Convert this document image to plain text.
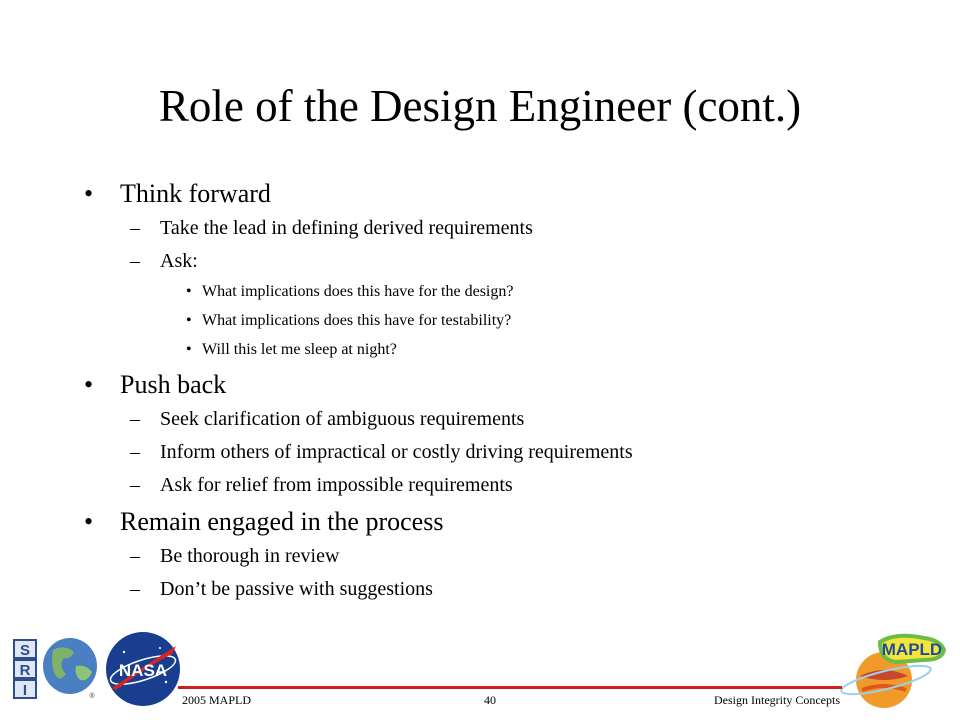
Role of the Design Engineer (cont.)
• Think forward
– Take the lead in defining derived requirements
– Ask:
• What implications does this have for the design?
• What implications does this have for testability?
• Will this let me sleep at night?
• Push back
– Seek clarification of ambiguous requirements
– Inform others of impractical or costly driving requirements
– Ask for relief from impossible requirements
• Remain engaged in the process
– Be thorough in review
– Don’t be passive with suggestions
S
R
I	®
NASA
MAPLD
2005 MAPLD	40	Design Integrity Concepts
